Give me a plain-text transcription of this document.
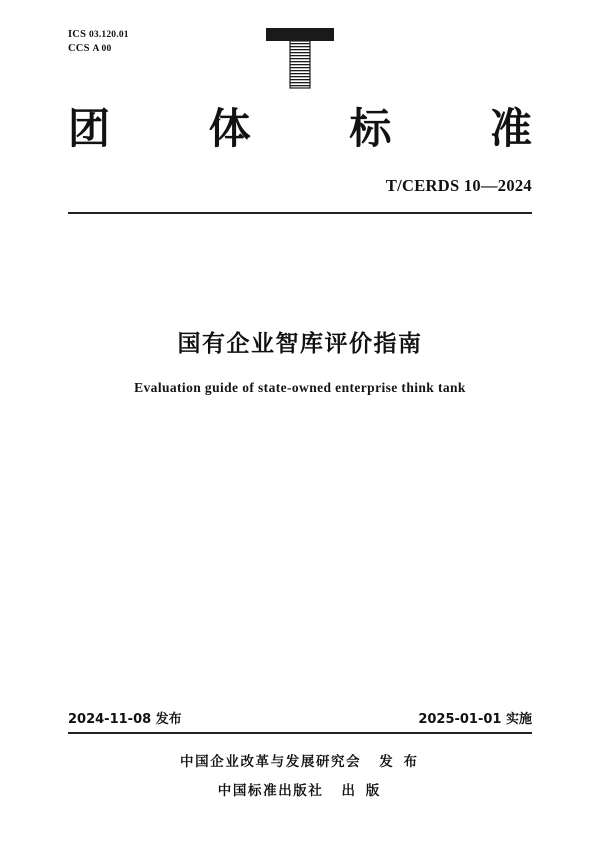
ICS 03.120.01
CCS A 00
团 体 标 准
T/CERDS 10—2024
国有企业智库评价指南
Evaluation guide of state-owned enterprise think tank
2024-11-08 发布	2025-01-01 实施
中国企业改革与发展研究会 发 布
中国标准出版社 出 版
